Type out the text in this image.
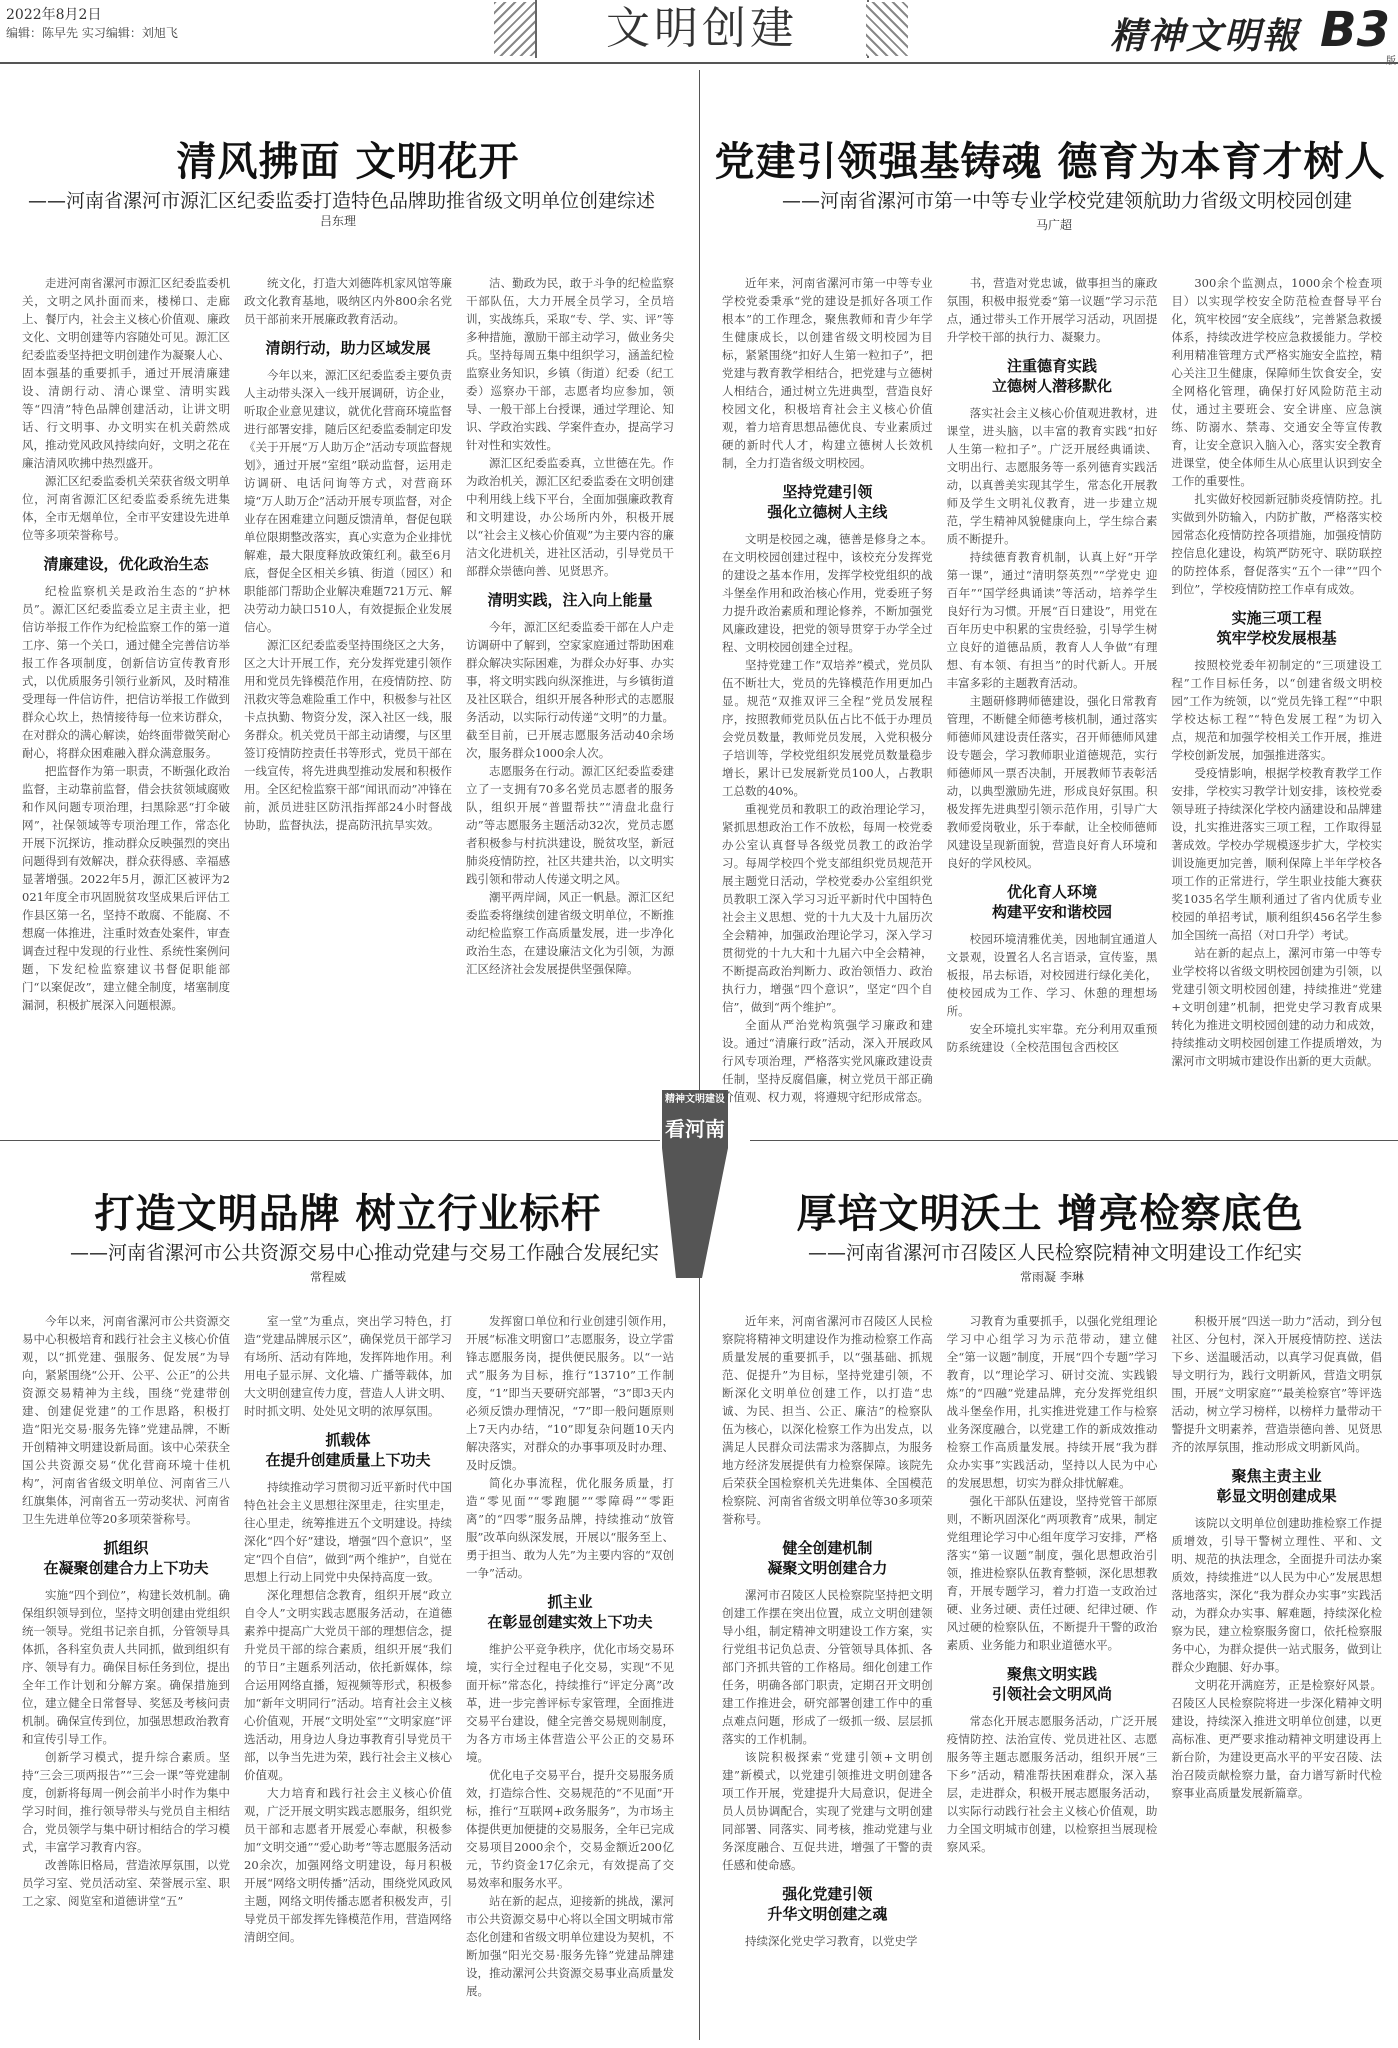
2022年8月2日
编辑：陈早先 实习编辑：刘旭飞	文明创建	精神文明報 B3
精神文明建设
看河南
清风拂面 文明花开
——河南省漯河市源汇区纪委监委打造特色品牌助推省级文明单位创建综述
吕东理

走进河南省漯河市源汇区纪委监委机关，文明之风扑面而来，楼梯口、走廊上、餐厅内，社会主义核心价值观、廉政文化、文明创建等内容随处可见。源汇区纪委监委坚持把文明创建作为凝聚人心、固本强基的重要抓手，通过开展清廉建设、清朗行动、清心课堂、清明实践等“四清”特色品牌创建活动，让讲文明话、行文明事、办文明实在机关蔚然成风，推动党风政风持续向好，文明之花在廉洁清风吹拂中热烈盛开。

源汇区纪委监委机关荣获省级文明单位，河南省源汇区纪委监委系统先进集体，全市无烟单位，全市平安建设先进单位等多项荣誉称号。

清廉建设，优化政治生态

纪检监察机关是政治生态的“护林员”。源汇区纪委监委立足主责主业，把信访举报工作作为纪检监察工作的第一道工序、第一个关口，通过健全完善信访举报工作各项制度，创新信访宣传教育形式，以优质服务引领行业新风，及时精准受理每一件信访件，把信访举报工作做到群众心坎上，热情接待每一位来访群众，在对群众的满心解读，始终面带微笑耐心耐心，将群众困难融入群众满意服务。

把监督作为第一职责，不断强化政治监督，主动靠前监督，借会扶贫领域腐败和作风问题专项治理，扫黑除恶“打伞破网”，社保领域等专项治理工作，常态化开展下沉探访，推动群众反映强烈的突出问题得到有效解决，群众获得感、幸福感显著增强。2022年5月，源汇区被评为2021年度全市巩固脱贫攻坚成果后评估工作县区第一名，坚持不敢腐、不能腐、不想腐一体推进，注重时效查处案件，审查调查过程中发现的行业性、系统性案例问题，下发纪检监察建议书督促职能部门“以案促改”，建立健全制度，堵塞制度漏洞，积极扩展深入问题根源。

统文化，打造大刘德阵机家风馆等廉政文化教育基地，吸纳区内外800余名党员干部前来开展廉政教育活动。

清朗行动，助力区域发展

今年以来，源汇区纪委监委主要负责人主动带头深入一线开展调研，访企业，听取企业意见建议，就优化营商环境监督进行部署安排，随后区纪委监委制定印发《关于开展“万人助万企”活动专项监督规划》，通过开展“室组”联动监督，运用走访调研、电话问询等方式，对营商环境“万人助万企”活动开展专项监督，对企业存在困难建立问题反馈清单，督促包联单位限期整改落实，真心实意为企业排忧解难，最大限度释放政策红利。截至6月底，督促全区相关乡镇、街道（园区）和职能部门帮助企业解决难题721万元、解决劳动力缺口510人，有效提振企业发展信心。

源汇区纪委监委坚持围绕区之大务，区之大计开展工作，充分发挥党建引领作用和党员先锋模范作用，在疫情防控、防汛救灾等急难险重工作中，积极参与社区卡点执勤、物资分发，深入社区一线，服务群众。机关党员干部主动请缨，与区里签订疫情防控责任书等形式，党员干部在一线宣传，将先进典型推动发展和积极作用。全区纪检监察干部“闻讯而动”冲锋在前，派员进驻区防汛指挥部24小时督战协助，监督执法，提高防汛抗旱实效。

洁、勤政为民，敢于斗争的纪检监察干部队伍，大力开展全员学习，全员培训，实战练兵，采取“专、学、实、评”等多种措施，激励干部主动学习，做业务尖兵。坚持每周五集中组织学习，涵盖纪检监察业务知识，乡镇（街道）纪委（纪工委）巡察办干部，志愿者均应参加，领导、一般干部上台授课，通过学理论、知识、学政治实践、学案件查办，提高学习针对性和实效性。

源汇区纪委监委真，立世德在先。作为政治机关，源汇区纪委监委在文明创建中利用线上线下平台，全面加强廉政教育和文明建设，办公场所内外，积极开展以“社会主义核心价值观”为主要内容的廉洁文化进机关，进社区活动，引导党员干部群众崇德向善、见贤思齐。

清明实践，注入向上能量

今年，源汇区纪委监委干部在人户走访调研中了解到，空家家庭通过帮助困难群众解决实际困难，为群众办好事、办实事，将文明实践向纵深推进，与乡镇街道及社区联合，组织开展各种形式的志愿服务活动，以实际行动传递“文明”的力量。截至目前，已开展志愿服务活动40余场次，服务群众1000余人次。

志愿服务在行动。源汇区纪委监委建立了一支拥有70多名党员志愿者的服务队，组织开展“普盟帮扶”“清盘北盘行动”等志愿服务主题活动32次，党员志愿者积极参与村抗洪建设，脱贫攻坚，新冠肺炎疫情防控，社区共建共治，以文明实践引领和带动人传递文明之风。

潮平两岸阔，风正一帆悬。源汇区纪委监委将继续创建省级文明单位，不断推动纪检监察工作高质量发展，进一步净化政治生态，在建设廉洁文化为引领，为源汇区经济社会发展提供坚强保障。

党建引领强基铸魂 德育为本育才树人
——河南省漯河市第一中等专业学校党建领航助力省级文明校园创建
马广超

近年来，河南省漯河市第一中等专业学校党委秉承“党的建设是抓好各项工作根本”的工作理念，聚焦教师和青少年学生健康成长，以创建省级文明校园为目标，紧紧围绕“扣好人生第一粒扣子”，把党建与教育教学相结合，把党建与立德树人相结合，通过树立先进典型，营造良好校园文化，积极培育社会主义核心价值观，着力培育思想品德优良、专业素质过硬的新时代人才，构建立德树人长效机制，全力打造省级文明校园。

坚持党建引领
强化立德树人主线

文明是校园之魂，德善是修身之本。在文明校园创建过程中，该校充分发挥党的建设之基本作用，发挥学校党组织的战斗堡垒作用和政治核心作用，党委班子努力提升政治素质和理论修养，不断加强党风廉政建设，把党的领导贯穿于办学全过程、文明校园创建全过程。

坚持党建工作“双培养”模式，党员队伍不断壮大，党员的先锋模范作用更加凸显。规范“双推双评三全程”党员发展程序，按照教师党员队伍占比不低于办理员会党员数量，教师党员发展，入党积极分子培训等，学校党组织发展党员数量稳步增长，累计已发展新党员100人，占教职工总数的40%。

重视党员和教职工的政治理论学习，紧抓思想政治工作不放松，每周一校党委办公室认真督导各级党员教工的政治学习。每周学校四个党支部组织党员规范开展主题党日活动，学校党委办公室组织党员教职工深入学习习近平新时代中国特色社会主义思想、党的十九大及十九届历次全会精神，加强政治理论学习，深入学习贯彻党的十九大和十九届六中全会精神，不断提高政治判断力、政治领悟力、政治执行力，增强“四个意识”，坚定“四个自信”，做到“两个维护”。

全面从严治党构筑强学习廉政和建设。通过“清廉行政”活动，深入开展政风行风专项治理，严格落实党风廉政建设责任制，坚持反腐倡廉，树立党员干部正确价值观、权力观，将遵规守纪形成常态。

书，营造对党忠诚，做事担当的廉政氛围，积极申报党委“第一议题”学习示范点，通过带头工作开展学习活动，巩固提升学校干部的执行力、凝聚力。

注重德育实践
立德树人潜移默化

落实社会主义核心价值观进教材，进课堂，进头脑，以丰富的教育实践“扣好人生第一粒扣子”。广泛开展经典诵读、文明出行、志愿服务等一系列德育实践活动，以真善美实现其学生，常态化开展教师及学生文明礼仪教育，进一步建立规范，学生精神风貌健康向上，学生综合素质不断提升。

持续德育教育机制，认真上好“开学第一课”，通过“清明祭英烈”“学党史 迎百年”“国学经典诵读”等活动，培养学生良好行为习惯。开展“百日建设”，用党在百年历史中积累的宝贵经验，引导学生树立良好的道德品质，教育人人争做“有理想、有本领、有担当”的时代新人。开展丰富多彩的主题教育活动。

主题研修聘师德建设，强化日常教育管理，不断健全师德考核机制，通过落实师德师风建设责任落实，召开师德师风建设专题会，学习教师职业道德规范，实行师德师风一票否决制，开展教师节表彰活动，以典型激励先进，形成良好氛围。积极发挥先进典型引领示范作用，引导广大教师爱岗敬业，乐于奉献，让全校师德师风建设呈现新面貌，营造良好育人环境和良好的学风校风。

优化育人环境
构建平安和谐校园

校园环境清雅优美，因地制宜通道人文景观，设置名人名言语录，宣传鉴，黑板报，吊去标语，对校园进行绿化美化，使校园成为工作、学习、休憩的理想场所。

安全环境扎实牢靠。充分利用双重预防系统建设（全校范围包含西校区

300余个监测点，1000余个检查项目）以实现学校安全防范检查督导平台化，筑牢校园“安全底线”，完善紧急救援体系，持续改进学校应急救援能力。学校利用精准管理方式严格实施安全监控，精心关注卫生健康，保障师生饮食安全，安全网格化管理，确保打好风险防范主动仗，通过主要班会、安全讲座、应急演练、防溺水、禁毒、交通安全等宣传教育，让安全意识入脑入心，落实安全教育进课堂，使全体师生从心底里认识到安全工作的重要性。

扎实做好校园新冠肺炎疫情防控。扎实做到外防输入，内防扩散，严格落实校园常态化疫情防控各项措施，加强疫情防控信息化建设，构筑严防死守、联防联控的防控体系，督促落实“五个一律”“四个到位”，学校疫情防控工作卓有成效。

实施三项工程
筑牢学校发展根基

按照校党委年初制定的“三项建设工程”工作目标任务，以“创建省级文明校园”工作为统领，以“党员先锋工程”“中职学校达标工程”“特色发展工程”为切入点，规范和加强学校相关工作开展，推进学校创新发展，加强推进落实。

受疫情影响，根据学校教育教学工作安排，学校实习教学计划安排，该校党委领导班子持续深化学校内涵建设和品牌建设，扎实推进落实三项工程，工作取得显著成效。学校办学规模逐步扩大，学校实训设施更加完善，顺利保障上半年学校各项工作的正常进行，学生职业技能大赛获奖1035名学生顺利通过了省内优质专业校园的单招考试，顺利组织456名学生参加全国统一高招（对口升学）考试。

站在新的起点上，漯河市第一中等专业学校将以省级文明校园创建为引领，以党建引领文明校园创建，持续推进“党建+文明创建”机制，把党史学习教育成果转化为推进文明校园创建的动力和成效，持续推动文明校园创建工作提质增效，为漯河市文明城市建设作出新的更大贡献。

打造文明品牌 树立行业标杆
——河南省漯河市公共资源交易中心推动党建与交易工作融合发展纪实
常程威

今年以来，河南省漯河市公共资源交易中心积极培育和践行社会主义核心价值观，以“抓党建、强服务、促发展”为导向，紧紧围绕“公开、公平、公正”的公共资源交易精神为主线，围绕“党建带创建、创建促党建”的工作思路，积极打造“阳光交易·服务先锋”党建品牌，不断开创精神文明建设新局面。该中心荣获全国公共资源交易“优化营商环境十佳机构”，河南省省级文明单位、河南省三八红旗集体，河南省五一劳动奖状、河南省卫生先进单位等20多项荣誉称号。

抓组织
在凝聚创建合力上下功夫

实施“四个到位”，构建长效机制。确保组织领导到位，坚持文明创建由党组织统一领导。党组书记亲自抓，分管领导具体抓，各科室负责人共同抓，做到组织有序、领导有力。确保目标任务到位，提出全年工作计划和分解方案。确保措施到位，建立健全日常督导、奖惩及考核问责机制。确保宣传到位，加强思想政治教育和宣传引导工作。

创新学习模式，提升综合素质。坚持“三会三项两报告”“三会一课”等党建制度，创新将每周一例会前半小时作为集中学习时间，推行领导带头与党员自主相结合，党员领学与集中研讨相结合的学习模式，丰富学习教育内容。

改善陈旧格局，营造浓厚氛围，以党员学习室、党员活动室、荣誉展示室、职工之家、阅览室和道德讲堂“五”

室一堂”为重点，突出学习特色，打造“党建品牌展示区”，确保党员干部学习有场所、活动有阵地，发挥阵地作用。利用电子显示屏、文化墙、广播等载体，加大文明创建宣传力度，营造人人讲文明、时时抓文明、处处见文明的浓厚氛围。

抓载体
在提升创建质量上下功夫

持续推动学习贯彻习近平新时代中国特色社会主义思想往深里走，往实里走，往心里走，统筹推进五个文明建设。持续深化“四个好”建设，增强“四个意识”，坚定“四个自信”，做到“两个维护”，自觉在思想上行动上同党中央保持高度一致。

深化理想信念教育，组织开展“政立自令人”文明实践志愿服务活动，在道德素养中提高广大党员干部的理想信念，提升党员干部的综合素质，组织开展“我们的节日”主题系列活动，依托新媒体，综合运用网络直播，短视频等形式，积极参加“新年文明同行”活动。培育社会主义核心价值观，开展“文明处室”“文明家庭”评选活动，用身边人身边事教育引导党员干部，以争当先进为荣，践行社会主义核心价值观。

大力培育和践行社会主义核心价值观，广泛开展文明实践志愿服务，组织党员干部和志愿者开展爱心奉献，积极参加“文明交通”“爱心助考”等志愿服务活动20余次，加强网络文明建设，每月积极开展“网络文明传播”活动，围绕党风政风主题，网络文明传播志愿者积极发声，引导党员干部发挥先锋模范作用，营造网络清朗空间。

发挥窗口单位和行业创建引领作用，开展“标准文明窗口”志愿服务，设立学雷锋志愿服务岗，提供便民服务。以“一站式”服务为目标，推行“13710”工作制度，“1”即当天要研究部署，“3”即3天内必须反馈办理情况，“7”即一般问题原则上7天内办结，“10”即复杂问题10天内解决落实，对群众的办事事项及时办理、及时反馈。

简化办事流程，优化服务质量，打造“零见面”“零跑腿”“零障碍”“零距离”的“四零”服务品牌，持续推动“放管服”改革向纵深发展，开展以“服务至上、勇于担当、敢为人先”为主要内容的“双创一争”活动。

抓主业
在彰显创建实效上下功夫

维护公平竞争秩序，优化市场交易环境，实行全过程电子化交易，实现“不见面开标”常态化，持续推行“评定分离”改革，进一步完善评标专家管理，全面推进交易平台建设，健全完善交易规则制度，为各方市场主体营造公平公正的交易环境。

优化电子交易平台，提升交易服务质效，打造综合性、交易规范的“不见面”开标，推行“互联网+政务服务”，为市场主体提供更加便捷的交易服务，全年已完成交易项目2000余个，交易金额近200亿元，节约资金17亿余元，有效提高了交易效率和服务水平。

站在新的起点，迎接新的挑战，漯河市公共资源交易中心将以全国文明城市常态化创建和省级文明单位建设为契机，不断加强“阳光交易·服务先锋”党建品牌建设，推动漯河公共资源交易事业高质量发展。

厚培文明沃土 增亮检察底色
——河南省漯河市召陵区人民检察院精神文明建设工作纪实
常雨凝 李琳

近年来，河南省漯河市召陵区人民检察院将精神文明建设作为推动检察工作高质量发展的重要抓手，以“强基础、抓规范、促提升”为目标，坚持党建引领，不断深化文明单位创建工作，以打造“忠诚、为民、担当、公正、廉洁”的检察队伍为核心，以深化检察工作为出发点，以满足人民群众司法需求为落脚点，为服务地方经济发展提供有力检察保障。该院先后荣获全国检察机关先进集体、全国模范检察院、河南省省级文明单位等30多项荣誉称号。

健全创建机制
凝聚文明创建合力

漯河市召陵区人民检察院坚持把文明创建工作摆在突出位置，成立文明创建领导小组，制定精神文明建设工作方案，实行党组书记负总责、分管领导具体抓、各部门齐抓共管的工作格局。细化创建工作任务，明确各部门职责，定期召开文明创建工作推进会，研究部署创建工作中的重点难点问题，形成了一级抓一级、层层抓落实的工作机制。

该院积极探索“党建引领+文明创建”新模式，以党建引领推进文明创建各项工作开展，党建提升大局意识，促进全员人员协调配合，实现了党建与文明创建同部署、同落实、同考核，推动党建与业务深度融合、互促共进，增强了干警的责任感和使命感。

强化党建引领
升华文明创建之魂

持续深化党史学习教育，以党史学

习教育为重要抓手，以强化党组理论学习中心组学习为示范带动，建立健全“第一议题”制度，开展“四个专题”学习教育，以“理论学习、研讨交流、实践锻炼”的“四融”党建品牌，充分发挥党组织战斗堡垒作用，扎实推进党建工作与检察业务深度融合，以党建工作的新成效推动检察工作高质量发展。持续开展“我为群众办实事”实践活动，坚持以人民为中心的发展思想，切实为群众排忧解难。

强化干部队伍建设，坚持党管干部原则，不断巩固深化“两项教育”成果，制定党组理论学习中心组年度学习安排，严格落实“第一议题”制度，强化思想政治引领，推进检察队伍教育整顿，深化思想教育，开展专题学习，着力打造一支政治过硬、业务过硬、责任过硬、纪律过硬、作风过硬的检察队伍，不断提升干警的政治素质、业务能力和职业道德水平。

聚焦文明实践
引领社会文明风尚

常态化开展志愿服务活动，广泛开展疫情防控、法治宣传、党员进社区、志愿服务等主题志愿服务活动，组织开展“三下乡”活动，精准帮扶困难群众，深入基层，走进群众，积极开展志愿服务活动，以实际行动践行社会主义核心价值观，助力全国文明城市创建，以检察担当展现检察风采。

积极开展“四送一助力”活动，到分包社区、分包村，深入开展疫情防控、送法下乡、送温暖活动，以真学习促真做，倡导文明行为，践行文明新风，营造文明氛围，开展“文明家庭”“最美检察官”等评选活动，树立学习榜样，以榜样力量带动干警提升文明素养，营造崇德向善、见贤思齐的浓厚氛围，推动形成文明新风尚。

聚焦主责主业
彰显文明创建成果

该院以文明单位创建助推检察工作提质增效，引导干警树立理性、平和、文明、规范的执法理念，全面提升司法办案质效，持续推进“以人民为中心”发展思想落地落实，深化“我为群众办实事”实践活动，为群众办实事、解难题，持续深化检察为民，建立检察服务窗口，依托检察服务中心，为群众提供一站式服务，做到让群众少跑腿、好办事。

文明花开满庭芳，正是检察好风景。召陵区人民检察院将进一步深化精神文明建设，持续深入推进文明单位创建，以更高标准、更严要求推动精神文明建设再上新台阶，为建设更高水平的平安召陵、法治召陵贡献检察力量，奋力谱写新时代检察事业高质量发展新篇章。
